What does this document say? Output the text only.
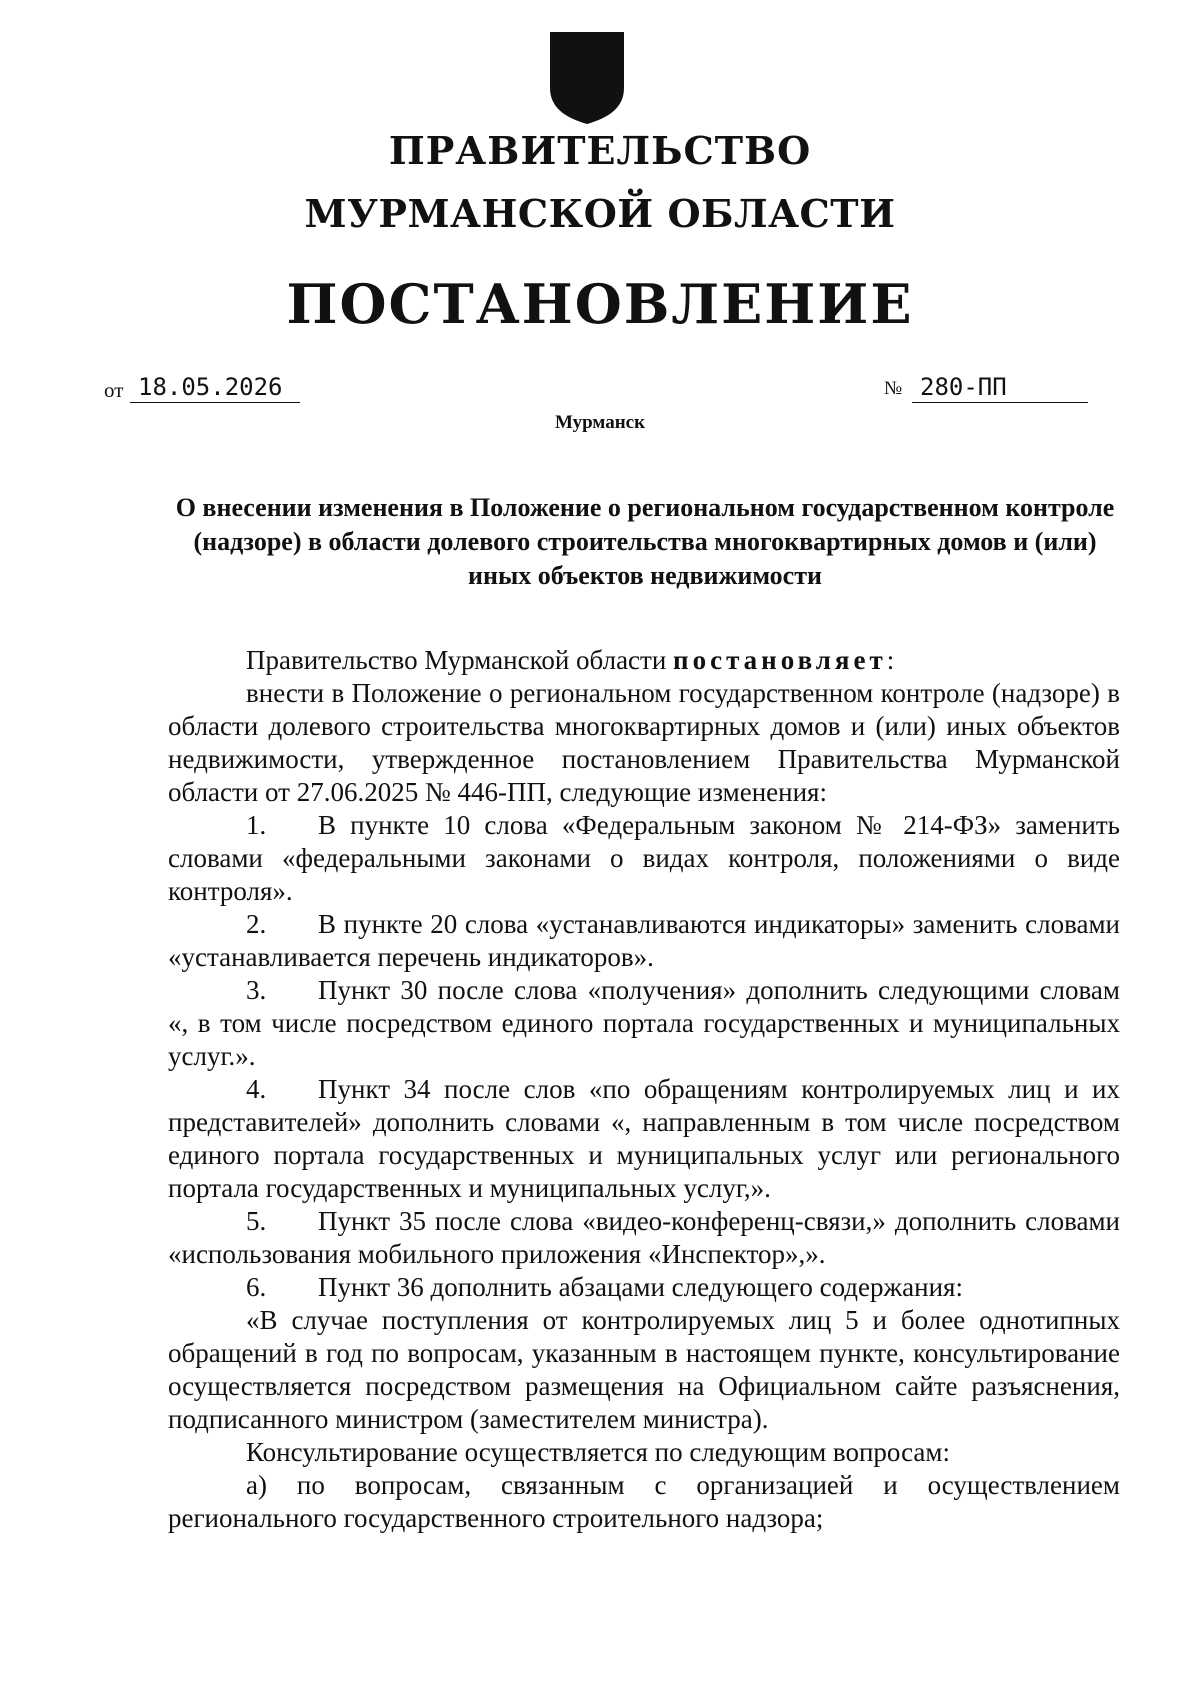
ПРАВИТЕЛЬСТВО
МУРМАНСКОЙ ОБЛАСТИ
ПОСТАНОВЛЕНИЕ
от 18.05.2026	№ 280-ПП
Мурманск
О внесении изменения в Положение о региональном государственном контроле (надзоре) в области долевого строительства многоквартирных домов и (или) иных объектов недвижимости

Правительство Мурманской области постановляет:

внести в Положение о региональном государственном контроле (надзоре) в области долевого строительства многоквартирных домов и (или) иных объектов недвижимости, утвержденное постановлением Правительства Мурманской области от 27.06.2025 № 446-ПП, следующие изменения:

1. В пункте 10 слова «Федеральным законом № 214-ФЗ» заменить словами «федеральными законами о видах контроля, положениями о виде контроля».

2. В пункте 20 слова «устанавливаются индикаторы» заменить словами «устанавливается перечень индикаторов».

3. Пункт 30 после слова «получения» дополнить следующими словам «, в том числе посредством единого портала государственных и муниципальных услуг.».

4. Пункт 34 после слов «по обращениям контролируемых лиц и их представителей» дополнить словами «, направленным в том числе посредством единого портала государственных и муниципальных услуг или регионального портала государственных и муниципальных услуг,».

5. Пункт 35 после слова «видео-конференц-связи,» дополнить словами «использования мобильного приложения «Инспектор»,».

6. Пункт 36 дополнить абзацами следующего содержания:

«В случае поступления от контролируемых лиц 5 и более однотипных обращений в год по вопросам, указанным в настоящем пункте, консультирование осуществляется посредством размещения на Официальном сайте разъяснения, подписанного министром (заместителем министра).

Консультирование осуществляется по следующим вопросам:

а) по вопросам, связанным с организацией и осуществлением регионального государственного строительного надзора;
